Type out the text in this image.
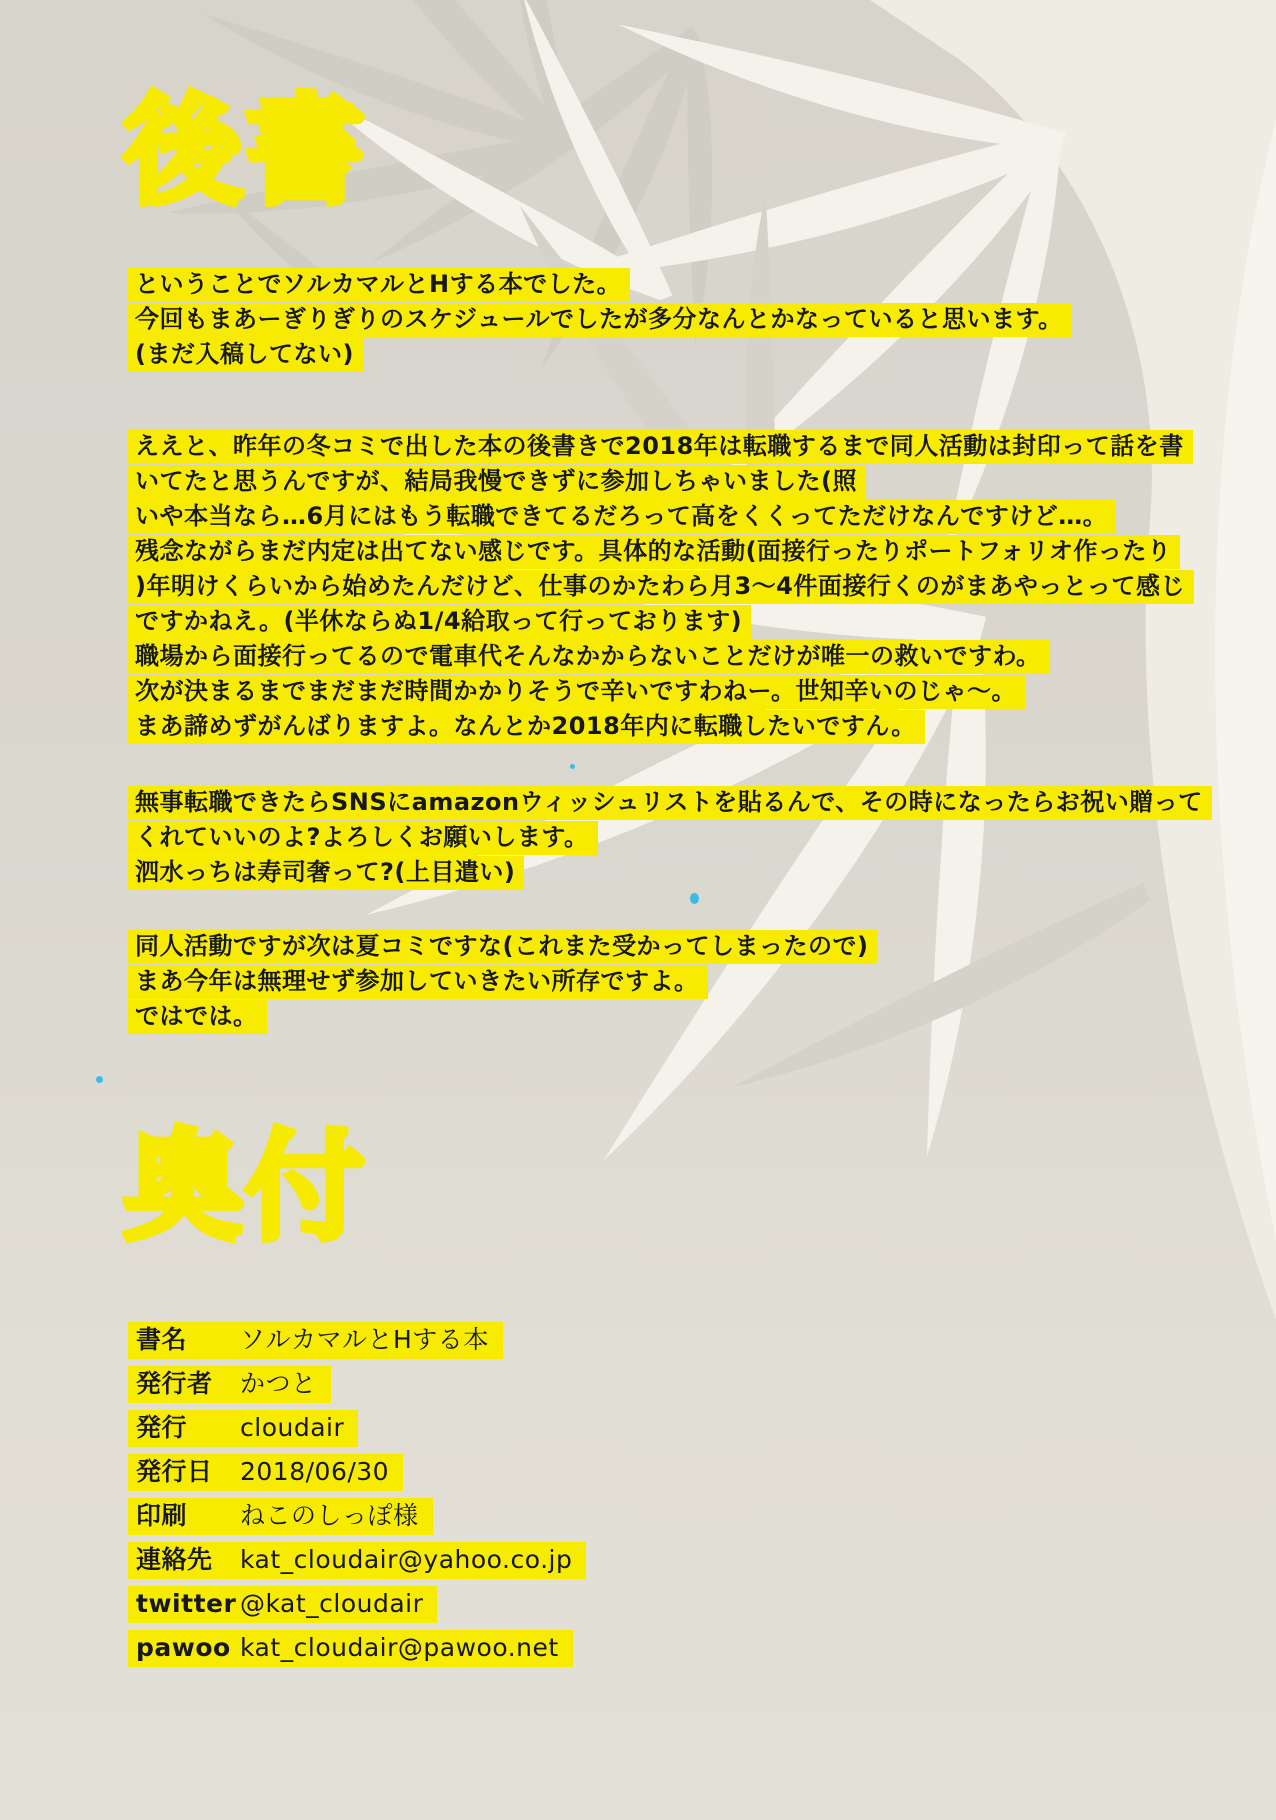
後書
ということでソルカマルとHする本でした。
今回もまあーぎりぎりのスケジュールでしたが多分なんとかなっていると思います。
(まだ入稿してない)
ええと、昨年の冬コミで出した本の後書きで2018年は転職するまで同人活動は封印って話を書
いてたと思うんですが、結局我慢できずに参加しちゃいました(照
いや本当なら…6月にはもう転職できてるだろって高をくくってただけなんですけど…。
残念ながらまだ内定は出てない感じです。具体的な活動(面接行ったりポートフォリオ作ったり
)年明けくらいから始めたんだけど、仕事のかたわら月3〜4件面接行くのがまあやっとって感じ
ですかねえ。(半休ならぬ1/4給取って行っております)
職場から面接行ってるので電車代そんなかからないことだけが唯一の救いですわ。
次が決まるまでまだまだ時間かかりそうで辛いですわねー。世知辛いのじゃ〜。
まあ諦めずがんばりますよ。なんとか2018年内に転職したいですん。
無事転職できたらSNSにamazonウィッシュリストを貼るんで、その時になったらお祝い贈って
くれていいのよ?よろしくお願いします。
泗水っちは寿司奢って?(上目遣い)
同人活動ですが次は夏コミですな(これまた受かってしまったので)
まあ今年は無理せず参加していきたい所存ですよ。
ではでは。
奥付
書名 ソルカマルとHする本
発行者 かつと
発行 cloudair
発行日 2018/06/30
印刷 ねこのしっぽ様
連絡先 kat_cloudair@yahoo.co.jp
twitter @kat_cloudair
pawoo kat_cloudair@pawoo.net
